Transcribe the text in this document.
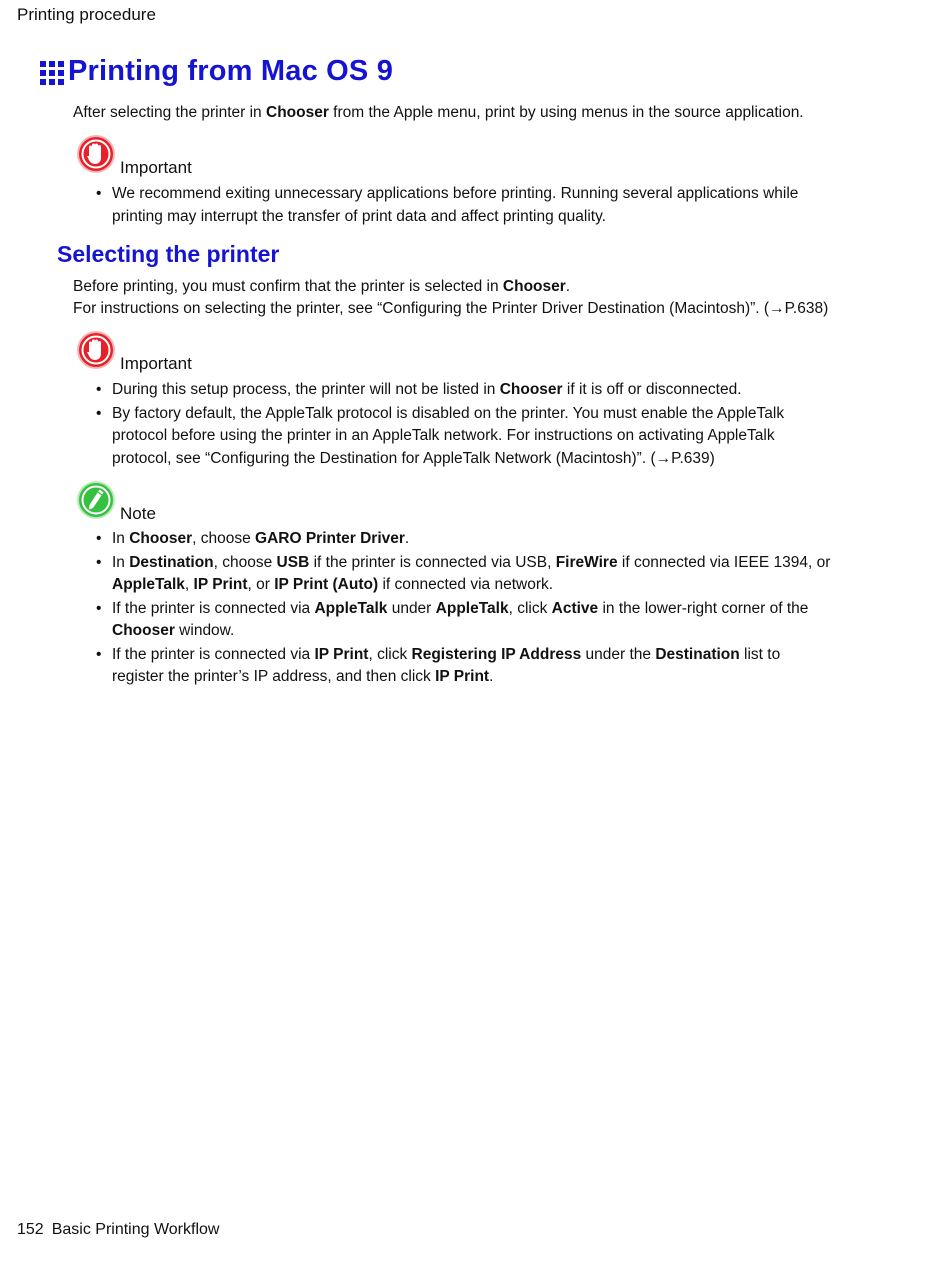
Printing procedure
Printing from Mac OS 9
After selecting the printer in Chooser from the Apple menu, print by using menus in the source application.
Important
• We recommend exiting unnecessary applications before printing. Running several applications while printing may interrupt the transfer of print data and affect printing quality.
Selecting the printer
Before printing, you must confirm that the printer is selected in Chooser.
For instructions on selecting the printer, see “Configuring the Printer Driver Destination (Macintosh)”. (→P.638)
Important
• During this setup process, the printer will not be listed in Chooser if it is off or disconnected.
• By factory default, the AppleTalk protocol is disabled on the printer. You must enable the AppleTalk protocol before using the printer in an AppleTalk network. For instructions on activating AppleTalk protocol, see “Configuring the Destination for AppleTalk Network (Macintosh)”. (→P.639)
Note
• In Chooser, choose GARO Printer Driver.
• In Destination, choose USB if the printer is connected via USB, FireWire if connected via IEEE 1394, or AppleTalk, IP Print, or IP Print (Auto) if connected via network.
• If the printer is connected via AppleTalk under AppleTalk, click Active in the lower-right corner of the Chooser window.
• If the printer is connected via IP Print, click Registering IP Address under the Destination list to register the printer’s IP address, and then click IP Print.
152 Basic Printing Workflow
